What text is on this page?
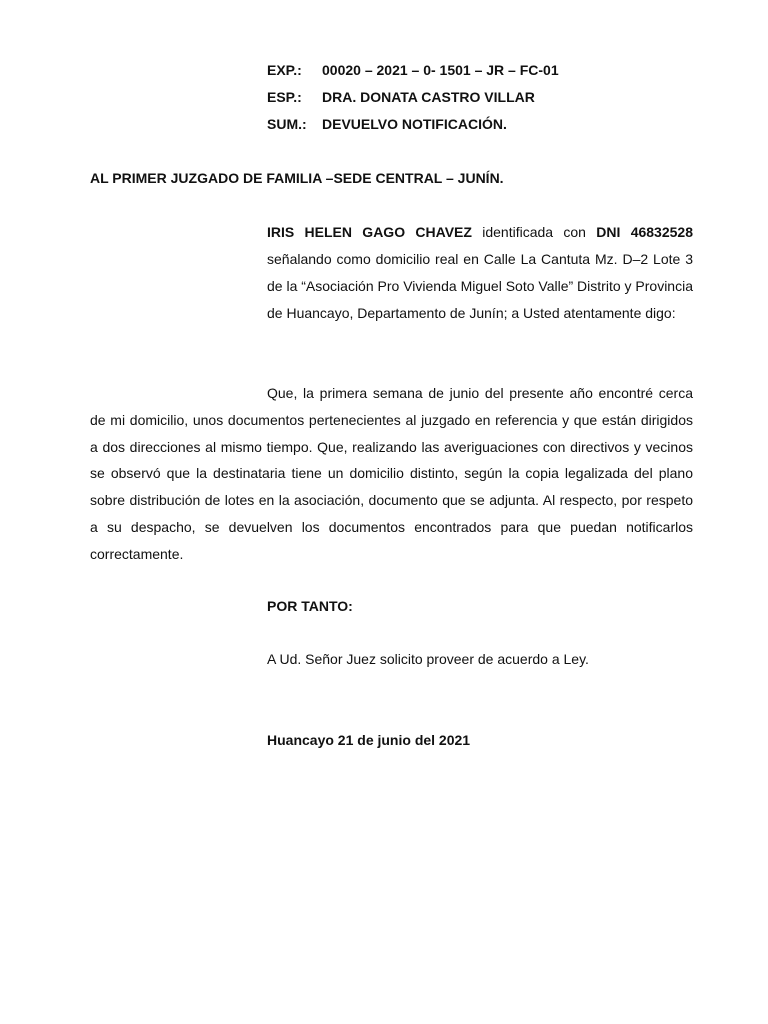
EXP.: 00020 – 2021 – 0- 1501 – JR – FC-01
ESP.: DRA. DONATA CASTRO VILLAR
SUM.: DEVUELVO NOTIFICACIÓN.
AL PRIMER JUZGADO DE FAMILIA –SEDE CENTRAL – JUNÍN.
IRIS HELEN GAGO CHAVEZ identificada con DNI 46832528 señalando como domicilio real en Calle La Cantuta Mz. D–2 Lote 3 de la “Asociación Pro Vivienda Miguel Soto Valle” Distrito y Provincia de Huancayo, Departamento de Junín; a Usted atentamente digo:
Que, la primera semana de junio del presente año encontré cerca de mi domicilio, unos documentos pertenecientes al juzgado en referencia y que están dirigidos a dos direcciones al mismo tiempo. Que, realizando las averiguaciones con directivos y vecinos se observó que la destinataria tiene un domicilio distinto, según la copia legalizada del plano sobre distribución de lotes en la asociación, documento que se adjunta. Al respecto, por respeto a su despacho, se devuelven los documentos encontrados para que puedan notificarlos correctamente.
POR TANTO:
A Ud. Señor Juez solicito proveer de acuerdo a Ley.
Huancayo 21 de junio del 2021
